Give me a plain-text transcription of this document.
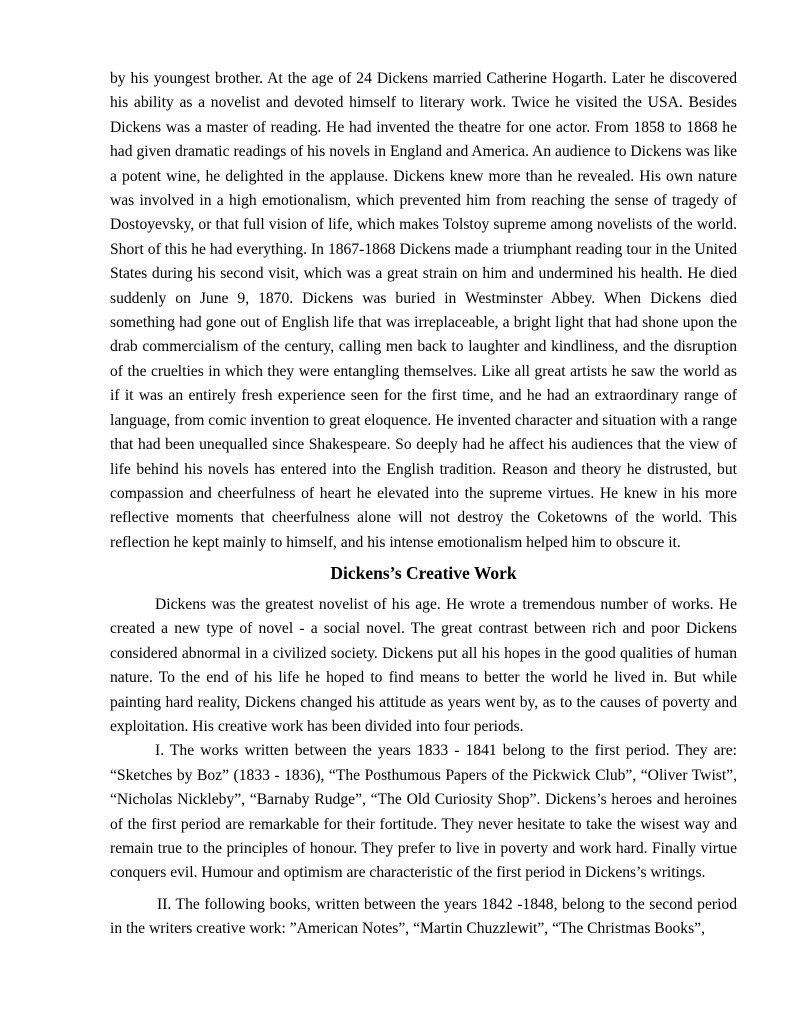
by his youngest brother. At the age of 24 Dickens married Catherine Hogarth. Later he discovered his ability as a novelist and devoted himself to literary work. Twice he visited the USA. Besides Dickens was a master of reading. He had invented the theatre for one actor. From 1858 to 1868 he had given dramatic readings of his novels in England and America. An audience to Dickens was like a potent wine, he delighted in the applause. Dickens knew more than he revealed. His own nature was involved in a high emotionalism, which prevented him from reaching the sense of tragedy of Dostoyevsky, or that full vision of life, which makes Tolstoy supreme among novelists of the world. Short of this he had everything. In 1867-1868 Dickens made a triumphant reading tour in the United States during his second visit, which was a great strain on him and undermined his health. He died suddenly on June 9, 1870. Dickens was buried in Westminster Abbey. When Dickens died something had gone out of English life that was irreplaceable, a bright light that had shone upon the drab commercialism of the century, calling men back to laughter and kindliness, and the disruption of the cruelties in which they were entangling themselves. Like all great artists he saw the world as if it was an entirely fresh experience seen for the first time, and he had an extraordinary range of language, from comic invention to great eloquence. He invented character and situation with a range that had been unequalled since Shakespeare. So deeply had he affect his audiences that the view of life behind his novels has entered into the English tradition. Reason and theory he distrusted, but compassion and cheerfulness of heart he elevated into the supreme virtues. He knew in his more reflective moments that cheerfulness alone will not destroy the Coketowns of the world. This reflection he kept mainly to himself, and his intense emotionalism helped him to obscure it.

Dickens’s Creative Work

Dickens was the greatest novelist of his age. He wrote a tremendous number of works. He created a new type of novel - a social novel. The great contrast between rich and poor Dickens considered abnormal in a civilized society. Dickens put all his hopes in the good qualities of human nature. To the end of his life he hoped to find means to better the world he lived in. But while painting hard reality, Dickens changed his attitude as years went by, as to the causes of poverty and exploitation. His creative work has been divided into four periods.

I. The works written between the years 1833 - 1841 belong to the first period. They are: “Sketches by Boz” (1833 - 1836), “The Posthumous Papers of the Pickwick Club”, “Oliver Twist”, “Nicholas Nickleby”, “Barnaby Rudge”, “The Old Curiosity Shop”. Dickens’s heroes and heroines of the first period are remarkable for their fortitude. They never hesitate to take the wisest way and remain true to the principles of honour. They prefer to live in poverty and work hard. Finally virtue conquers evil. Humour and optimism are characteristic of the first period in Dickens’s writings.

II. The following books, written between the years 1842 -1848, belong to the second period in the writers creative work: ”American Notes”, “Martin Chuzzlewit”, “The Christmas Books”,
